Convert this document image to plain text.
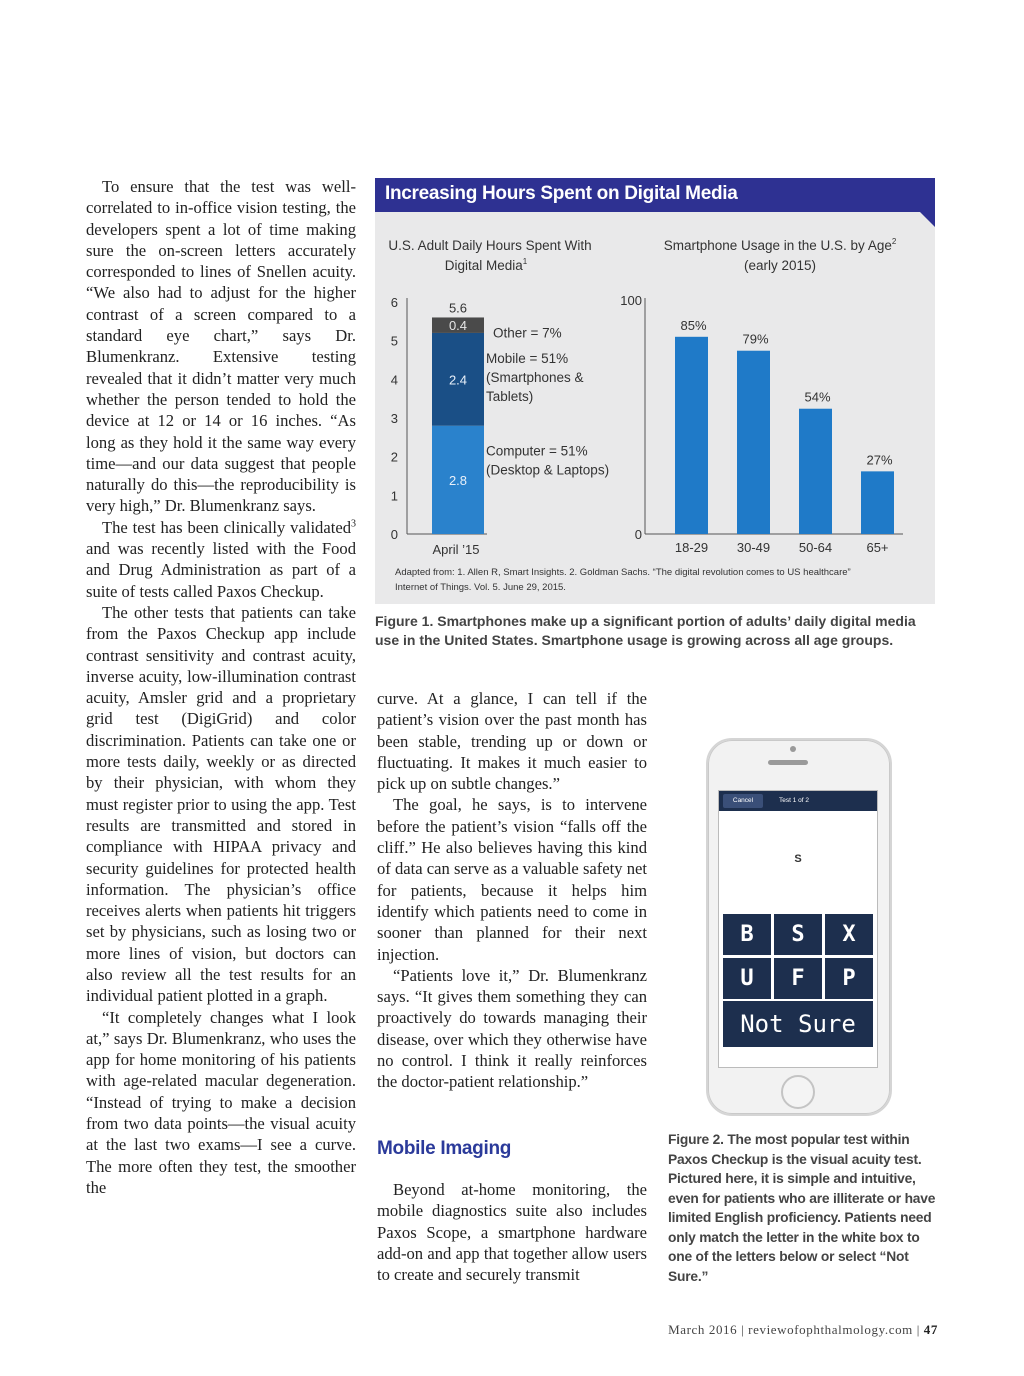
To ensure that the test was well-correlated to in-office vision testing, the developers spent a lot of time making sure the on-screen letters accurately corresponded to lines of Snellen acuity. “We also had to adjust for the higher contrast of a screen compared to a standard eye chart,” says Dr. Blumenkranz. Extensive testing revealed that it didn’t matter very much whether the person tended to hold the device at 12 or 14 or 16 inches. “As long as they hold it the same way every time—and our data suggest that people naturally do this—the reproducibility is very high,” Dr. Blumenkranz says.

The test has been clinically validated$^3$ and was recently listed with the Food and Drug Administration as part of a suite of tests called Paxos Checkup.

The other tests that patients can take from the Paxos Checkup app include contrast sensitivity and contrast acuity, inverse acuity, low-illumination contrast acuity, Amsler grid and a proprietary grid test (DigiGrid) and color discrimination. Patients can take one or more tests daily, weekly or as directed by their physician, with whom they must register prior to using the app. Test results are transmitted and stored in compliance with HIPAA privacy and security guidelines for protected health information. The physician’s office receives alerts when patients hit triggers set by physicians, such as losing two or more lines of vision, but doctors can also review all the test results for an individual patient plotted in a graph.

“It completely changes what I look at,” says Dr. Blumenkranz, who uses the app for home monitoring of his patients with age-related macular degeneration. “Instead of trying to make a decision from two data points—the visual acuity at the last two exams—I see a curve. The more often they test, the smoother the

curve. At a glance, I can tell if the patient’s vision over the past month has been stable, trending up or down or fluctuating. It makes it much easier to pick up on subtle changes.”

The goal, he says, is to intervene before the patient’s vision “falls off the cliff.” He also believes having this kind of data can serve as a valuable safety net for patients, because it helps him identify which patients need to come in sooner than planned for their next injection.

“Patients love it,” Dr. Blumenkranz says. “It gives them something they can proactively do towards managing their disease, over which they otherwise have no control. I think it really reinforces the doctor-patient relationship.”

Mobile Imaging

Beyond at-home monitoring, the mobile diagnostics suite also includes Paxos Scope, a smartphone hardware add-on and app that together allow users to create and securely transmit

Increasing Hours Spent on Digital Media
U.S. Adult Daily Hours Spent With
Digital Media$^1$
Smartphone Usage in the U.S. by Age$^2$
(early 2015)
0
1
2
3
4
5
6
2.8
2.4
0.4
5.6
April ’15
Computer = 51%
(Desktop & Laptops)
Mobile = 51%
(Smartphones &
Tablets)
Other = 7%
100
0
85%
18-29
79%
30-49
54%
50-64
27%
65+
Adapted from: 1. Allen R, Smart Insights. 2. Goldman Sachs. “The digital revolution comes to US healthcare”
Internet of Things. Vol. 5. June 29, 2015.
Figure 1. Smartphones make up a significant portion of adults’ daily digital media use in the United States. Smartphone usage is growing across all age groups.
Cancel	Test 1 of 2
S
B	S	X
U	F	P
Not Sure
Figure 2. The most popular test within Paxos Checkup is the visual acuity test. Pictured here, it is simple and intuitive, even for patients who are illiterate or have limited English proficiency. Patients need only match the letter in the white box to one of the letters below or select “Not Sure.”
March 2016 | reviewofophthalmology.com | 47
